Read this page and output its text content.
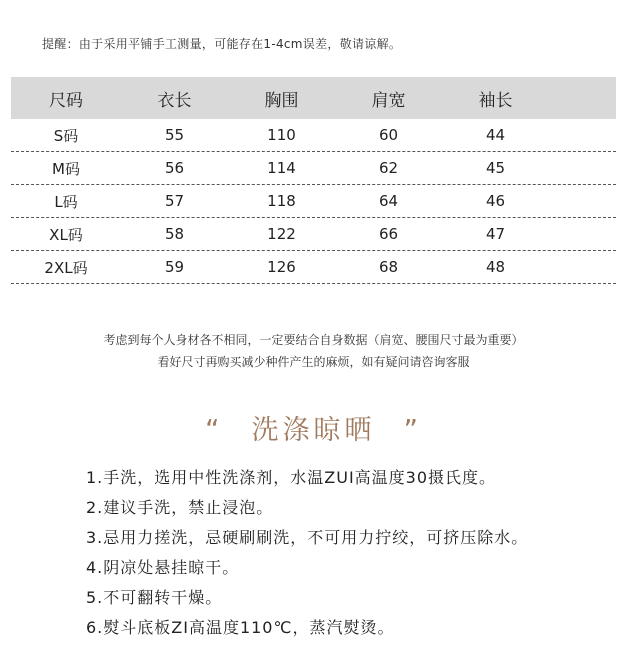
提醒：由于采用平铺手工测量，可能存在1-4cm误差，敬请谅解。
尺码	衣长	胸围	肩宽	袖长
S码	55	110	60	44
M码	56	114	62	45
L码	57	118	64	46
XL码	58	122	66	47
2XL码	59	126	68	48
考虑到每个人身材各不相同，一定要结合自身数据（肩宽、腰围尺寸最为重要）
看好尺寸再购买减少种件产生的麻烦，如有疑问请咨询客服
“ 洗涤晾晒 ”
1.手洗，选用中性洗涤剂，水温ZUI高温度30摄氏度。
2.建议手洗，禁止浸泡。
3.忌用力搓洗，忌硬刷刷洗，不可用力拧绞，可挤压除水。
4.阴凉处悬挂晾干。
5.不可翻转干燥。
6.熨斗底板ZI高温度110℃，蒸汽熨烫。
